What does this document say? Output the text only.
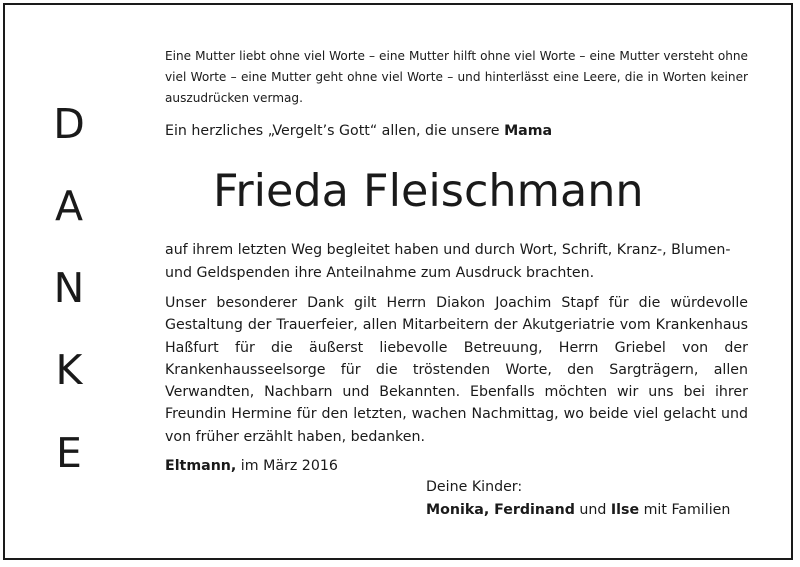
D
A
N
K
E
Eine Mutter liebt ohne viel Worte – eine Mutter hilft ohne viel Worte – eine Mutter versteht ohne viel Worte – eine Mutter geht ohne viel Worte – und hinterlässt eine Leere, die in Worten keiner auszudrücken vermag.
Ein herzliches „Vergelt’s Gott“ allen, die unsere Mama
Frieda Fleischmann
auf ihrem letzten Weg begleitet haben und durch Wort, Schrift, Kranz-, Blumen- und Geldspenden ihre Anteilnahme zum Ausdruck brachten.
Unser besonderer Dank gilt Herrn Diakon Joachim Stapf für die würdevolle Gestaltung der Trauerfeier, allen Mitarbeitern der Akutgeriatrie vom Krankenhaus Haßfurt für die äußerst liebevolle Betreuung, Herrn Griebel von der Krankenhausseelsorge für die tröstenden Worte, den Sargträgern, allen Verwandten, Nachbarn und Bekannten. Ebenfalls möchten wir uns bei ihrer Freundin Hermine für den letzten, wachen Nachmittag, wo beide viel gelacht und von früher erzählt haben, bedanken.
Eltmann, im März 2016
Deine Kinder:
Monika, Ferdinand und Ilse mit Familien
